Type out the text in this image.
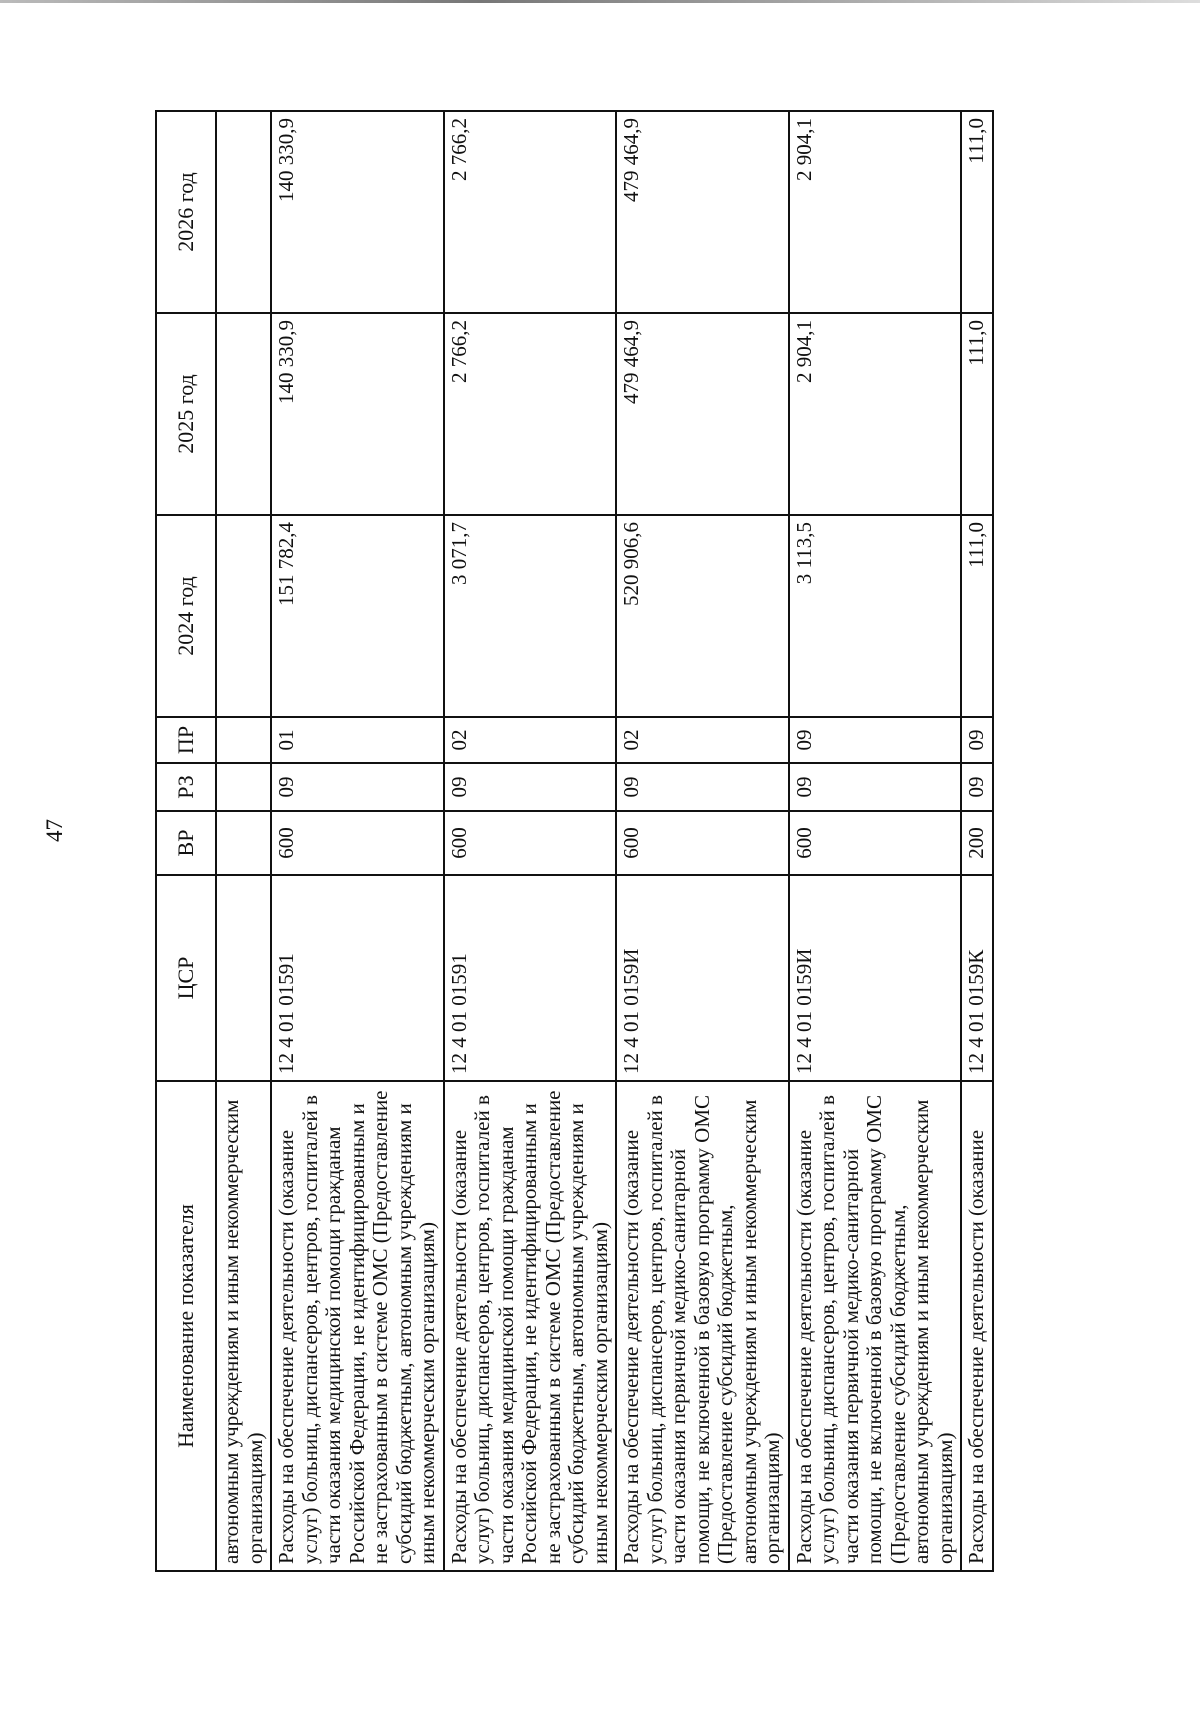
47
Наименование показателя	ЦСР	ВР	РЗ	ПР	2024 год	2025 год	2026 год
автономным учреждениям и иным некоммерческим организациям)							
Расходы на обеспечение деятельности (оказание услуг) больниц, диспансеров, центров, госпиталей в части оказания медицинской помощи гражданам Российской Федерации, не идентифицированным и не застрахованным в системе ОМС (Предоставление субсидий бюджетным, автономным учреждениям и иным некоммерческим организациям)	12 4 01 01591	600	09	01	151 782,4	140 330,9	140 330,9
Расходы на обеспечение деятельности (оказание услуг) больниц, диспансеров, центров, госпиталей в части оказания медицинской помощи гражданам Российской Федерации, не идентифицированным и не застрахованным в системе ОМС (Предоставление субсидий бюджетным, автономным учреждениям и иным некоммерческим организациям)	12 4 01 01591	600	09	02	3 071,7	2 766,2	2 766,2
Расходы на обеспечение деятельности (оказание услуг) больниц, диспансеров, центров, госпиталей в части оказания первичной медико-санитарной помощи, не включенной в базовую программу ОМС (Предоставление субсидий бюджетным, автономным учреждениям и иным некоммерческим организациям)	12 4 01 0159И	600	09	02	520 906,6	479 464,9	479 464,9
Расходы на обеспечение деятельности (оказание услуг) больниц, диспансеров, центров, госпиталей в части оказания первичной медико-санитарной помощи, не включенной в базовую программу ОМС (Предоставление субсидий бюджетным, автономным учреждениям и иным некоммерческим организациям)	12 4 01 0159И	600	09	09	3 113,5	2 904,1	2 904,1
Расходы на обеспечение деятельности (оказание	12 4 01 0159К	200	09	09	111,0	111,0	111,0
